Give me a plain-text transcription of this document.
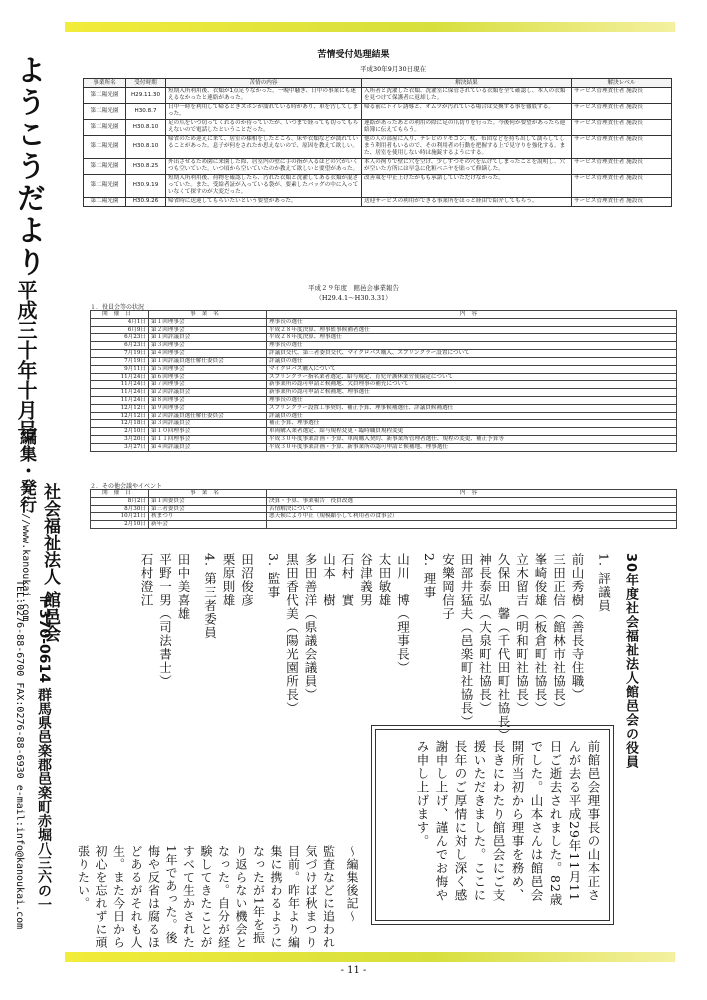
ようこうだより
平成三十年十月号
編集・発行
http://www.kanoukai.com 社会福祉法人 館邑会
TEL:0276-88-6700 FAX:0276-88-6930 e-mail:info@kanoukai.com 〒370-0614 群馬県邑楽郡邑楽町赤堀八三六の一
苦情受付処理結果
平成30年9月30日現在
事業所名	受付時期	苦情の内容	解決結果	解決レベル
第二陽光園	H29.11.30	短期入所利用後、衣類が1点足りなかった。一晩中騒ぎ、日中の事業にも迷えるなかったと連絡があった。	入所者と洗濯した衣類、洗濯室に保管されている衣類を全て確認し、本人の衣類を見つけて保護者に返却した。	サービス管理責任者 施設長
第二陽光園	H30.8.7	日中一時を利用して帰るときズボンが濡れている時があり、車を汚してしまった。	帰る前にトイレ誘導と、オムツが汚れている場合は交換する事を徹底する。	サービス管理責任者 施設長
第二陽光園	H30.8.10	足の爪をいつ切ってくれるのか待っていたが、いつまで経っても切ってもらえないので電話したということだった。	連絡があったあとの利用の際に足の爪切りを行った。今後何か要望があったら連絡簿に伝えてもらう。	サービス管理責任者 施設長
第二陽光園	H30.8.10	帰省のため迎えに来て、居室の様相をしたところ、床や衣類などが濡れていることがあった。息子が何をされたか思えないので、原因を教えて欲しい。	他の人の部屋に入り、テレビのリモコン、杖、布団などを持ち出して濡らしてしまう利用者もいるので、その利用者の行動を把握する上で見守りを強化する。また、居室を使用しない時は施錠するようにする。	サービス管理責任者 施設長
第二陽光園	H30.8.25	外出させるため園に来園した際、居室内の壁に手の指が入るほどの穴がいくつも空いていた。いつ頃から空いていたのか教えて欲しいと要望があった。	本人の拘りで壁に穴を空け、少しずつその穴を広げてしまったことを説明し、穴が空いた方所には早急に化粧ベニヤを貼って修繕した。	サービス管理責任者 施設長
第二陽光園	H30.9.19	短期入所利用後、荷物を確認したら、汚れた衣類と洗濯してある衣類が混ざっていた。また、受給者証が入っている袋が、要素したバッグの中に入っていなくて探すのが大変だった。	改善策を中止上げたがもも承諾していただけなかった。	サービス管理責任者 施設長
第二陽光園	H30.9.26	帰省時に送迎してもらいたいという要望があった。	送迎サービスの利用ができる事業所をほっと経由で紹介してもらう。	サービス管理責任者 施設長
平成２９年度　館邑会事業報告
（H29.4.1～H30.3.31）
１．役員会等の状況
開催日	事業名	内容
4月1日	第１回理事会	理事長の選任
6月9日	第２回理事会	平成２８年度決算、理事監事候補者選任
6月23日	第１回評議員会	平成２８年度決算、理事選任
6月23日	第３回理事会	理事長の選任
7月19日	第４回理事会	評議員交代、第三者委員交代、マイクロバス購入、スプリンクラー設置について
7月19日	第１回評議員選任解任委員会	評議員の選任
9月11日	第５回理事会	マイクロバス購入について
11月24日	第６回理事会	スプリンクラー指名業者選定、給与規定、育児介護休業労使協定について
11月24日	第７回理事会	新事業所の認可申請と候補地、欠員理事の補充について
11月24日	第２回評議員会	新事業所の認可申請と候補地、理事選任
11月24日	第８回理事会	理事長の選任
12月12日	第９回理事会	スプリンクラー設置工事契約、補正予算、理事候補選任、評議員候補選任
12月12日	第２回評議員選任解任委員会	評議員の選任
12月18日	第３回評議員会	補正予算、理事選任
2月10日	第１０回理事会	車両購入業者選定、給与規程変更・臨時職員規程変更
3月20日	第１１回理事会	平成３０年度事業計画・予算、車両購入契約、新事業所管理者選任、規程の変更、補正予算等
3月27日	第４回評議員会	平成３０年度事業計画・予算、新事業所の認可申請と候補地、理事選任
２．その他会議やイベント
開催日	事業名	内容
8月2日	第１回委員会	決算・予算、事業報告　役員改選
8月30日	第三者委員会	苦情解決について
10月21日	秋まつり	悪天候により中止（規模縮小して利用者の食事会）
2月10日	新年会	
30年度社会福祉法人館邑会の役員
1. 評議員
前山秀樹（善長寺住職）
三田正信（館林市社協長）
峯崎俊雄（板倉町社協長）
立木留吉（明和町社協長）
久保田　馨（千代田町社協長）
神長泰弘（大泉町社協長）
田部井猛夫（邑楽町社協長）
安樂岡信子
2. 理事
山川　博（理事長）
太田敏雄
谷津義男
石村　實
山本　樹
多田善洋（県議会議員）
黒田香代美（陽光園所長）
3. 監事
田沼俊彦
栗原則雄
4. 第三者委員
田中美喜雄
平野一男（司法書士）
石村澄江
前館邑会理事長の山本正さんが去る平成29年11月11日ご逝去されました。82歳でした。山本さんは館邑会開所当初から理事を務め、長きにわたり館邑会にご支援いただきました。ここに長年のご厚情に対し深く感謝申し上げ、謹んでお悔やみ申し上げます。
～編集後記～
監査などに追われ気づけば秋まつり目前。昨年より編集に携わるようになったが1年を振り返らない機会となった。自分が経験してきたことがすべて生かされた1年であった。後悔や反省は腐るほどあるがそれも人生。また今日から初心を忘れずに頑張りたい。
- 11 -
